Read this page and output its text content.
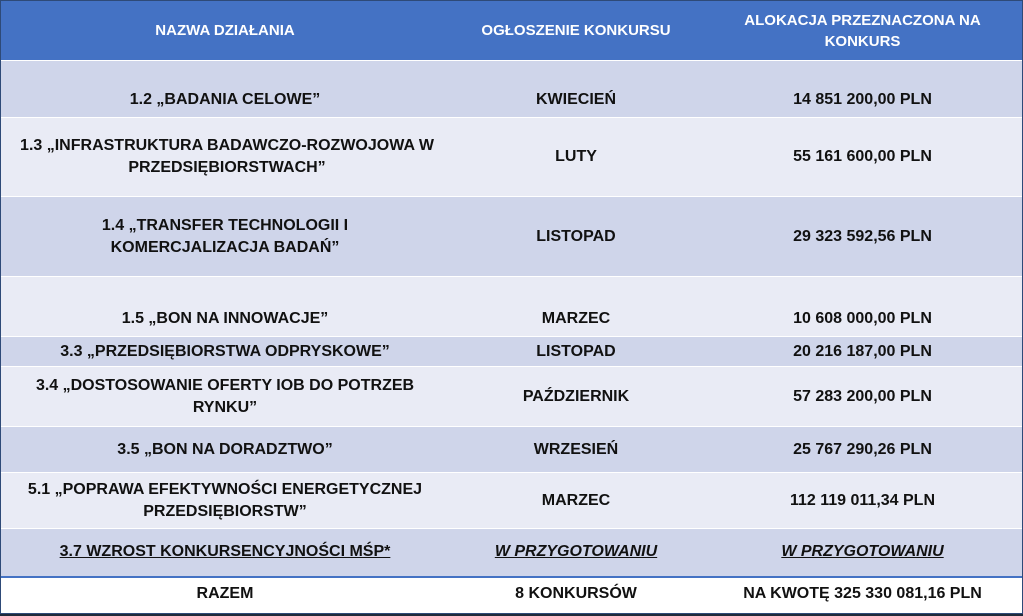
NAZWA DZIAŁANIA	OGŁOSZENIE KONKURSU	ALOKACJA PRZEZNACZONA NA KONKURS

1.2 „BADANIA CELOWE”	KWIECIEŃ	14 851 200,00 PLN

1.3 „INFRASTRUKTURA BADAWCZO-ROZWOJOWA W PRZEDSIĘBIORSTWACH”	LUTY	55 161 600,00 PLN

1.4 „TRANSFER TECHNOLOGII I KOMERCJALIZACJA BADAŃ”	LISTOPAD	29 323 592,56 PLN
1.5 „BON NA INNOWACJE”	MARZEC	10 608 000,00 PLN
3.3 „PRZEDSIĘBIORSTWA ODPRYSKOWE”	LISTOPAD	20 216 187,00 PLN

3.4 „DOSTOSOWANIE OFERTY IOB DO POTRZEB RYNKU”	PAŹDZIERNIK	57 283 200,00 PLN
3.5 „BON NA DORADZTWO”	WRZESIEŃ	25 767 290,26 PLN

5.1 „POPRAWA EFEKTYWNOŚCI ENERGETYCZNEJ PRZEDSIĘBIORSTW”	MARZEC	112 119 011,34 PLN
3.7 WZROST KONKURSENCYJNOŚCI MŚP*	W PRZYGOTOWANIU	W PRZYGOTOWANIU
RAZEM	8 KONKURSÓW	NA KWOTĘ 325 330 081,16 PLN
